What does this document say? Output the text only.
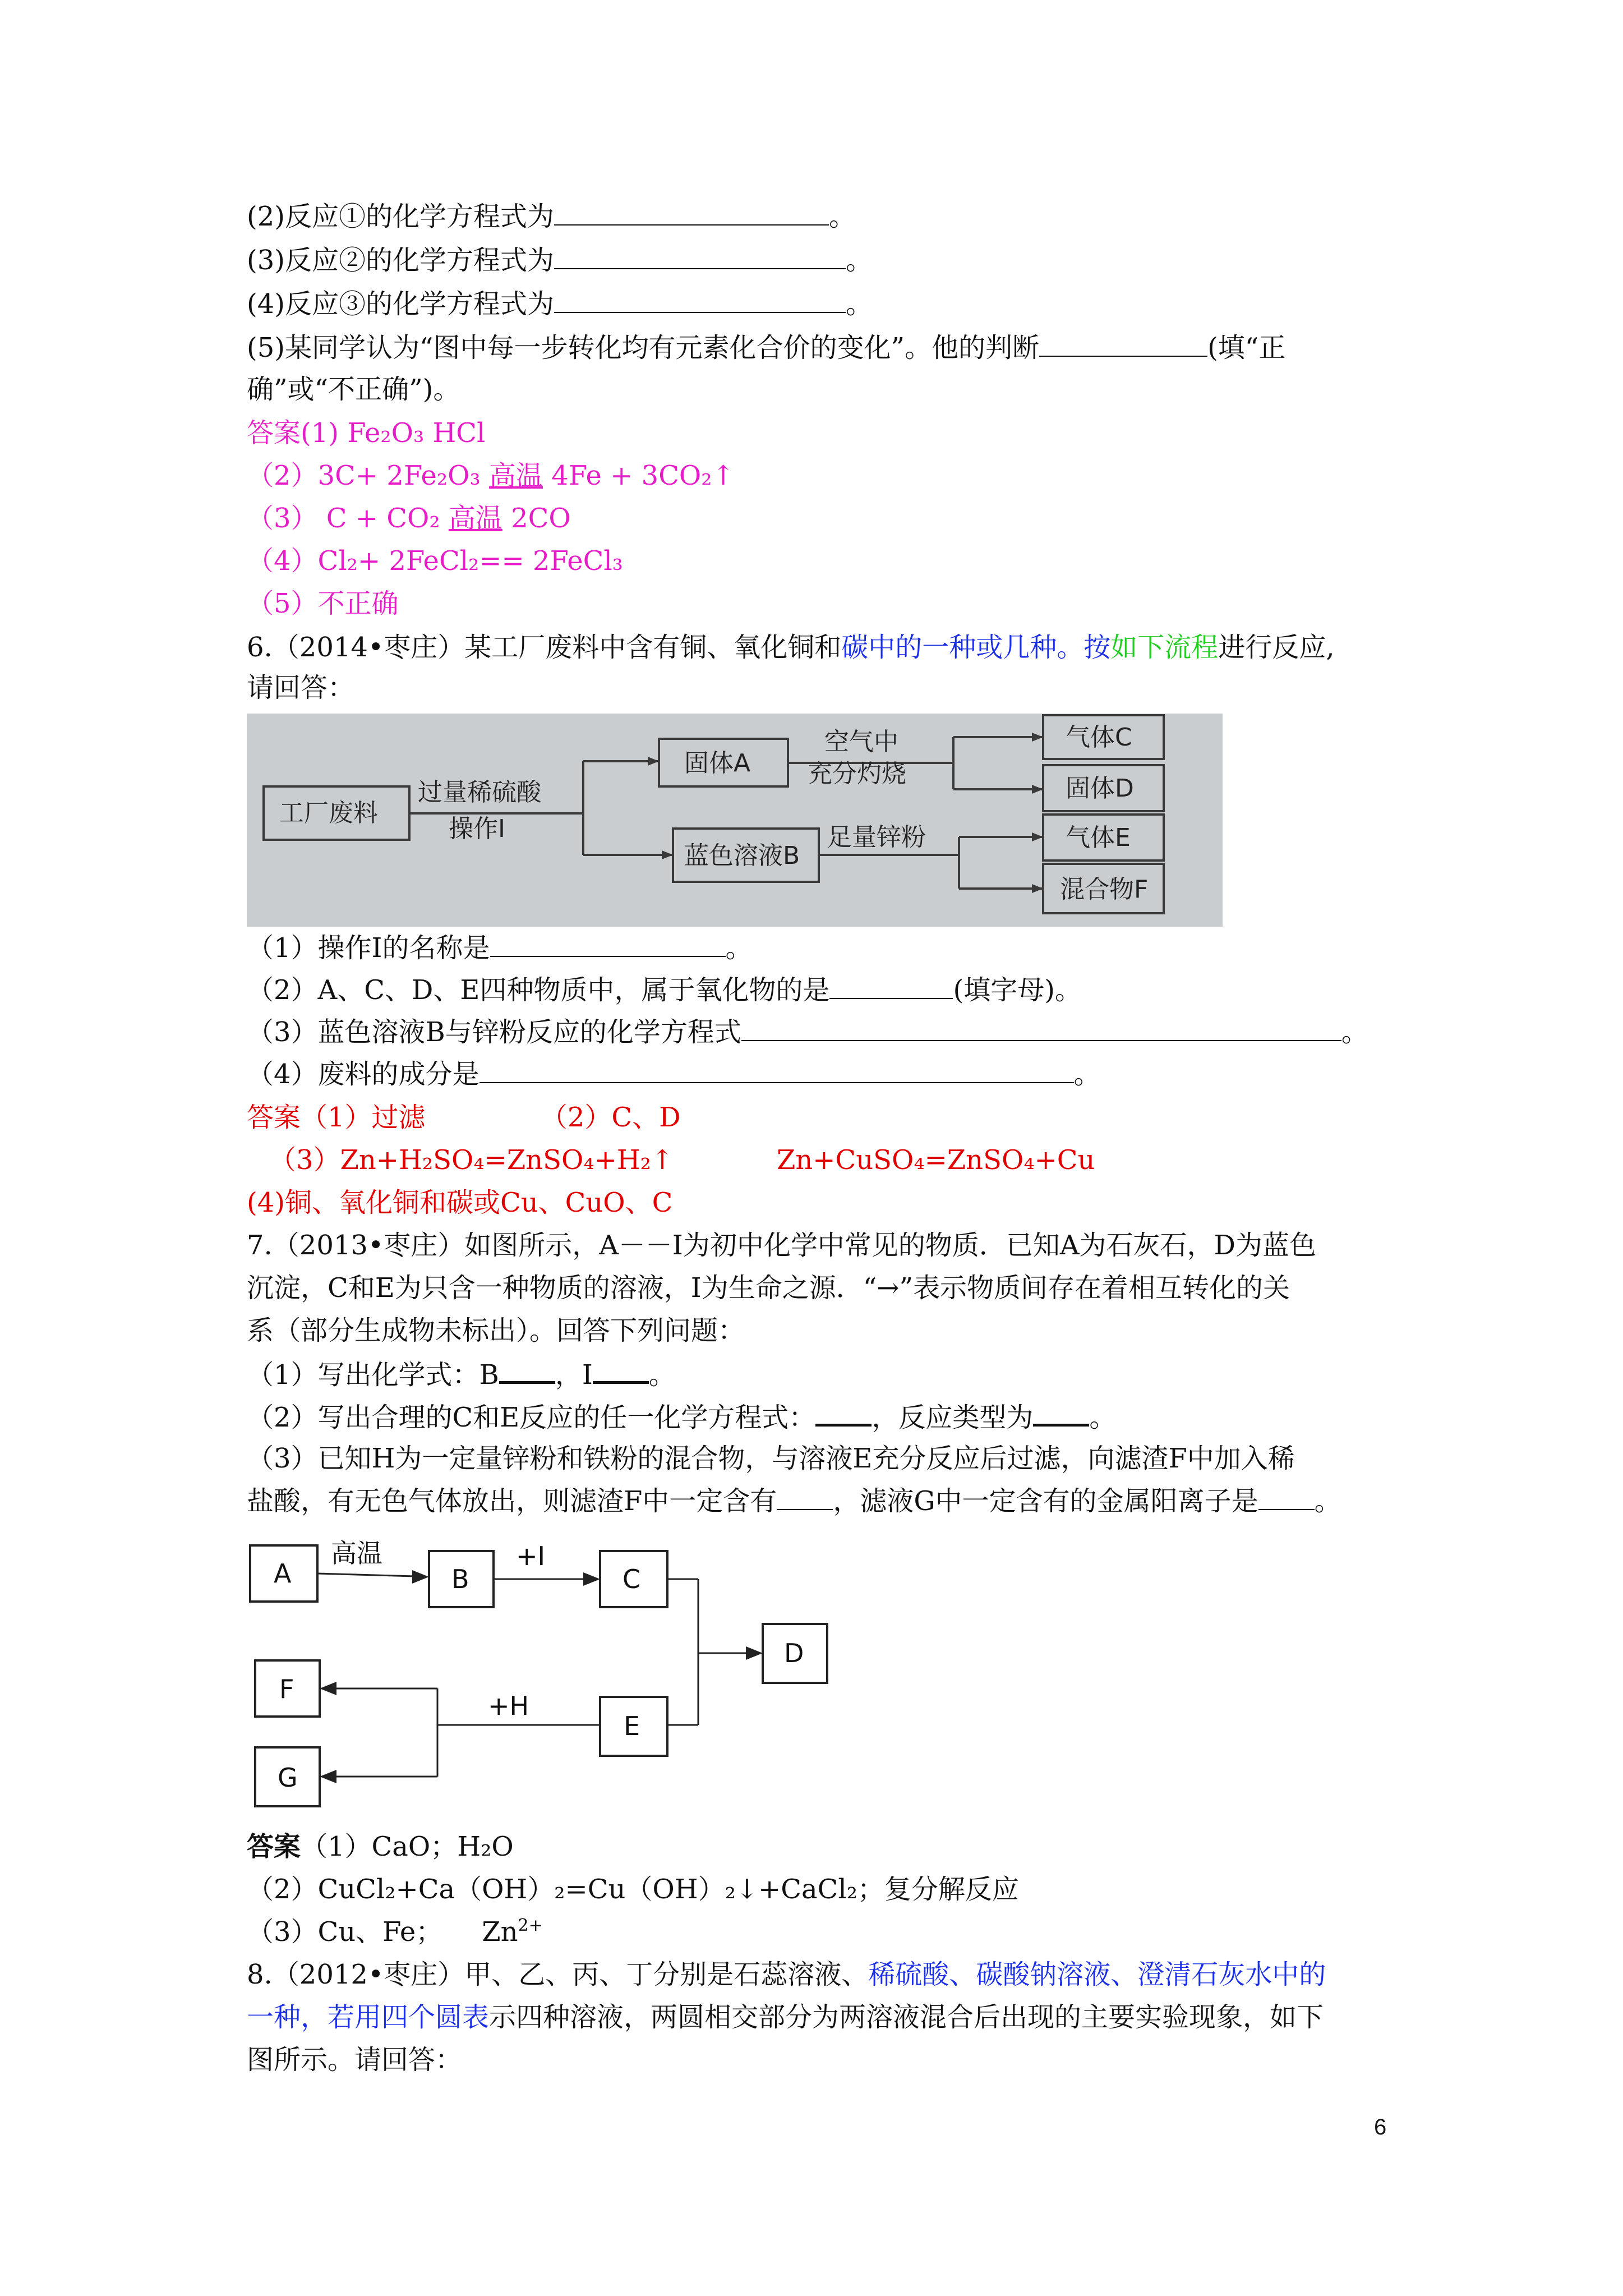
(2)反应①的化学方程式为	。
(3)反应②的化学方程式为	。
(4)反应③的化学方程式为	。
(5)某同学认为“图中每一步转化均有元素化合价的变化”。他的判断	(填“正
确”或“不正确”)。
答案(1) Fe₂O₃ HCl
（2）3C+ 2Fe₂O₃ 高温 4Fe + 3CO₂↑
（3） C + CO₂ 高温 2CO
（4）Cl₂+ 2FeCl₂== 2FeCl₃
（5）不正确
6.（2014•枣庄）某工厂废料中含有铜、氧化铜和碳中的一种或几种。按如下流程进行反应,
请回答：
工厂废料
过量稀硫酸
操作I
固体A
空气中
充分灼烧
气体C
固体D
蓝色溶液B
足量锌粉	气体E
混合物F
（1）操作Ⅰ的名称是	。
（2）A、C、D、E四种物质中，属于氧化物的是	(填字母)。
（3）蓝色溶液B与锌粉反应的化学方程式	。
（4）废料的成分是	。
答案（1）过滤	（2）C、D
（3）Zn+H₂SO₄=ZnSO₄+H₂↑	Zn+CuSO₄=ZnSO₄+Cu
(4)铜、氧化铜和碳或Cu、CuO、C
7.（2013•枣庄）如图所示，A－－I为初中化学中常见的物质．已知A为石灰石，D为蓝色
沉淀，C和E为只含一种物质的溶液，I为生命之源．“→”表示物质间存在着相互转化的关
系（部分生成物未标出）。回答下列问题：
（1）写出化学式：B ，I 。
（2）写出合理的C和E反应的任一化学方程式： ，反应类型为 。
（3）已知H为一定量锌粉和铁粉的混合物，与溶液E充分反应后过滤，向滤渣F中加入稀
盐酸，有无色气体放出，则滤渣F中一定含有 ，滤液G中一定含有的金属阳离子是 。
A	B	C
D
F
E
G
高温	+I
+H
答案（1）CaO；H₂O
（2）CuCl₂+Ca（OH）₂=Cu（OH）₂↓+CaCl₂；复分解反应
（3）Cu、Fe； $Zn^{2+}$
8.（2012•枣庄）甲、乙、丙、丁分别是石蕊溶液、稀硫酸、碳酸钠溶液、澄清石灰水中的
一种，若用四个圆表示四种溶液，两圆相交部分为两溶液混合后出现的主要实验现象，如下
图所示。请回答：
6
